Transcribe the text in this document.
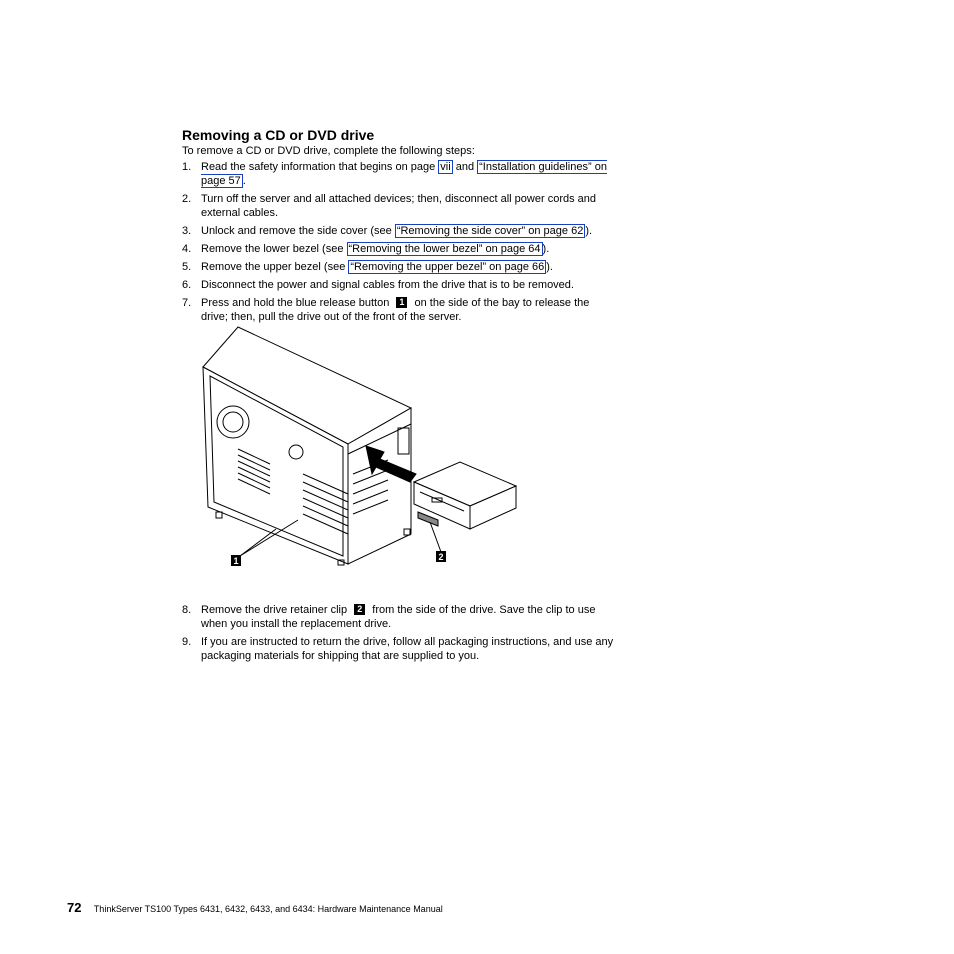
Removing a CD or DVD drive
To remove a CD or DVD drive, complete the following steps:

1. Read the safety information that begins on page vii and “Installation guidelines” on page 57 .

2. Turn off the server and all attached devices; then, disconnect all power cords and external cables.

3. Unlock and remove the side cover (see “Removing the side cover” on page 62 ).

4. Remove the lower bezel (see “Removing the lower bezel” on page 64 ).

5. Remove the upper bezel (see “Removing the upper bezel” on page 66 ).

6. Disconnect the power and signal cables from the drive that is to be removed.

7. Press and hold the blue release button 1 on the side of the bay to release the drive; then, pull the drive out of the front of the server.

1	2

8. Remove the drive retainer clip 2 from the side of the drive. Save the clip to use when you install the replacement drive.

9. If you are instructed to return the drive, follow all packaging instructions, and use any packaging materials for shipping that are supplied to you.

72 ThinkServer TS100 Types 6431, 6432, 6433, and 6434: Hardware Maintenance Manual
